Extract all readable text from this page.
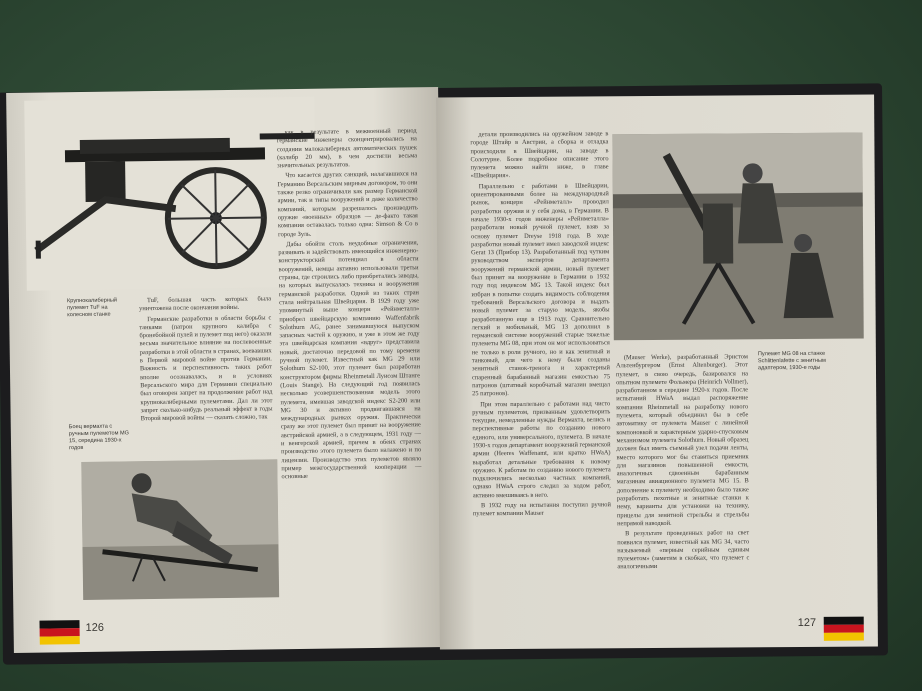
Крупнокалиберный пулемет TuF на колесном станке
Боец вермахта с ручным пулеметом MG 15, середина 1930-х годов

TuF, большая часть которых была уничтожена после окончания войны.

Германские разработки в области борьбы с танками (патрон крупного калибра с бронебойной пулей и пулемет под него) оказали весьма значительное влияние на послевоенные разработки в этой области в странах, воевавших в Первой мировой войне против Германии. Важность и перспективность таких работ вполне осознавалась, и в условиях Версальского мира для Германии специально был оговорен запрет на продолжение работ над крупнокалиберными пулеметами. Дал ли этот запрет сколько-нибудь реальный эффект в годы Второй мировой войны — сказать сложно, так

как в результате в межвоенный период германские инженеры сконцентрировались на создании малокалиберных автоматических пушек (калибр 20 мм), в чем достигли весьма значительных результатов.

Что касается других санкций, налагавшихся на Германию Версальским мирным договором, то они также резко ограничивали как размер Германской армии, так и типы вооружений и даже количество компаний, которым разрешалось производить оружие «военных» образцов — де-факто такая компания оставалась только одна: Simson & Co в городе Зуль.

Дабы обойти столь неудобные ограничения, развивать и задействовать имеющийся инженерно-конструкторский потенциал в области вооружений, немцы активно использовали третьи страны, где строились либо приобретались заводы, на которых выпускалась техника и вооружения германской разработки. Одной из таких стран стала нейтральная Швейцария. В 1929 году уже упомянутый выше концерн «Рейнметалл» приобрел швейцарскую компанию Waffenfabrik Solothurn AG, ранее занимавшуюся выпуском запасных частей к оружию, и уже в этом же году эта швейцарская компания «вдруг» представила новый, достаточно передовой по тому времени ручной пулемет. Известный как MG 29 или Solothurn S2-100, этот пулемет был разработан конструктором фирмы Rheinmetall Луисом Штанге (Louis Stange). На следующий год появилась несколько усовершенствованная модель этого пулемета, имевшая заводской индекс S2-200 или MG 30 и активно продвигавшаяся на международных рынках оружия. Практически сразу же этот пулемет был принят на вооружение австрийской армией, а в следующем, 1931 году — и венгерской армией, причем в обеих странах производство этого пулемета было налажено и по лицензии. Производство этих пулеметов являло пример межгосударственной кооперации — основные

126

детали производились на оружейном заводе в городе Штайр в Австрии, а сборка и отладка происходили в Швейцарии, на заводе в Солотурне. Более подробное описание этого пулемета можно найти ниже, в главе «Швейцария».

Параллельно с работами в Швейцарии, ориентированными более на международный рынок, концерн «Рейнметалл» проводил разработки оружия и у себя дома, в Германии. В начале 1930-х годов инженеры «Рейнметалла» разработали новый ручной пулемет, взяв за основу пулемет Dreyse 1918 года. В ходе разработки новый пулемет имел заводской индекс Gerat 13 (Прибор 13). Разработанный под чутким руководством экспертов департамента вооружений германской армии, новый пулемет был принят на вооружение в Германии в 1932 году под индексом MG 13. Такой индекс был избран в попытке создать видимость соблюдения требований Версальского договора и выдать новый пулемет за старую модель, якобы разработанную еще в 1913 году. Сравнительно легкий и мобильный, MG 13 дополнил в германской системе вооружений старые тяжелые пулеметы MG 08, при этом он мог использоваться не только в роли ручного, но и как зенитный и танковый, для чего к нему были созданы зенитный станок-тренога и характерный спаренный барабанный магазин емкостью 75 патронов (штатный коробчатый магазин вмещал 25 патронов).

При этом параллельно с работами над чисто ручным пулеметом, призванным удовлетворить текущие, немедленные нужды Вермахта, велись и перспективные работы по созданию нового единого, или универсального, пулемета. В начале 1930-х годов департамент вооружений германской армии (Heeres Waffenamt, или кратко HWaA) выработал детальные требования к новому оружию. К работам по созданию нового пулемета подключились несколько частных компаний, однако HWaA строго следил за ходом работ, активно вмешиваясь в него.

В 1932 году на испытания поступил ручной пулемет компании Mauser

Пулемет MG 08 на станке Schlittenlafette с зенитным адаптером, 1930-е годы

(Mauser Werke), разработанный Эрнстом Альтенбургером (Ernst Altenburger). Этот пулемет, в свою очередь, базировался на опытном пулемете Фольмера (Heinrich Vollmer), разработанном в середине 1920-х годов. После испытаний HWaA выдал распоряжение компании Rheinmetall на разработку нового пулемета, который объединил бы в себе автоматику от пулемета Mauser с линейной компоновкой и характерным ударно-спусковым механизмом пулемета Solothurn. Новый образец должен был иметь съемный узел подачи ленты, вместо которого мог бы ставиться приемник для магазинов повышенной емкости, аналогичных сдвоенным барабанным магазинам авиационного пулемета MG 15. В дополнение к пулемету необходимо было также разработать пехотные и зенитные станки к нему, варианты для установки на технику, прицелы для зенитной стрельбы и стрельбы непрямой наводкой.

В результате проведенных работ на свет появился пулемет, известный как MG 34, часто называемый «первым серийным единым пулеметом» (заметим в скобках, что пулемет с аналогичными

127
